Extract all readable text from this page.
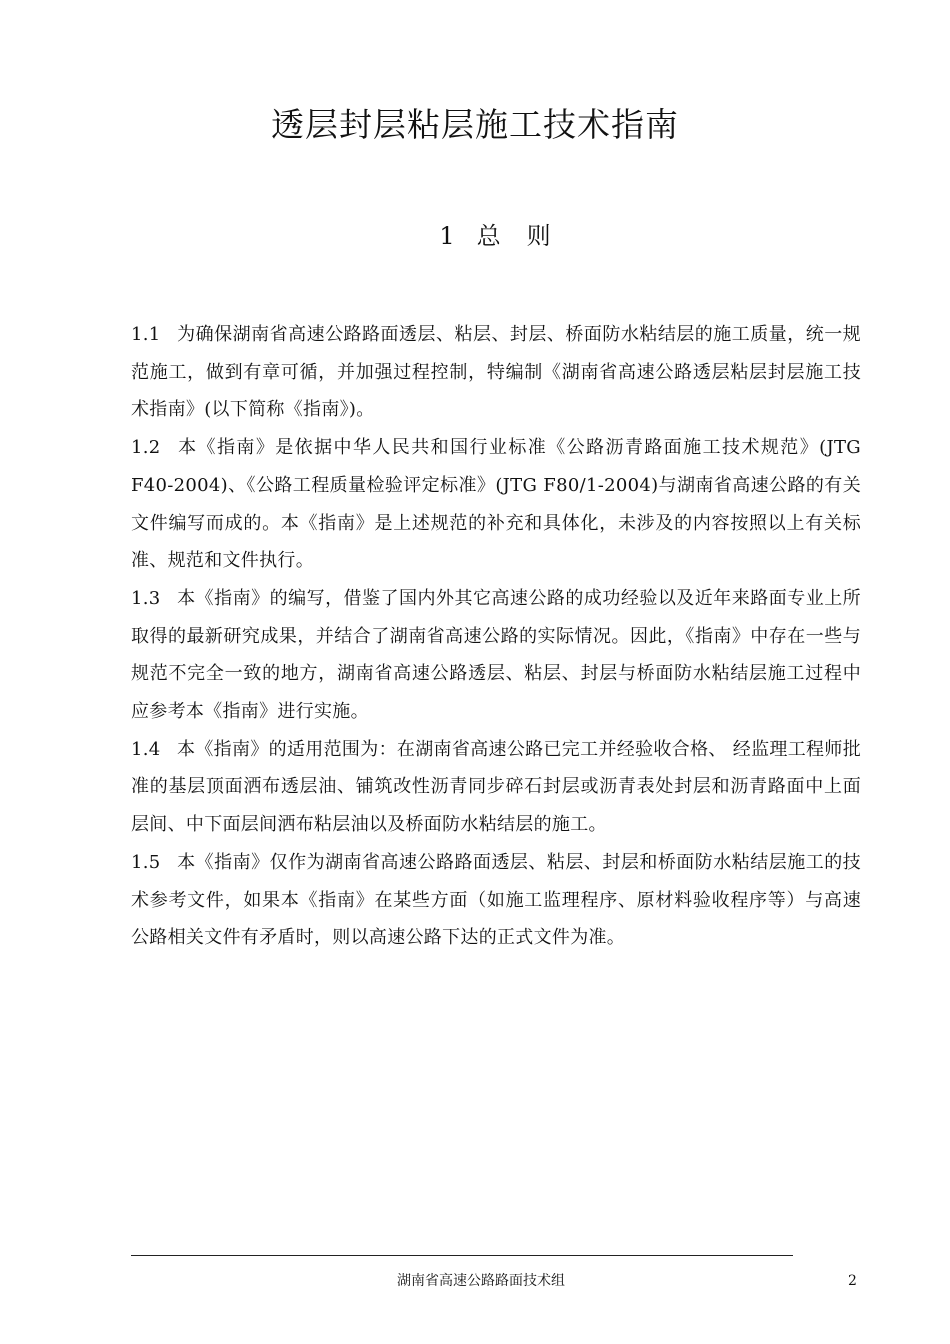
透层封层粘层施工技术指南
1 总 则

1.1 为确保湖南省高速公路路面透层、粘层、封层、桥面防水粘结层的施工质量，统一规范施工，做到有章可循，并加强过程控制，特编制《湖南省高速公路透层粘层封层施工技术指南》(以下简称《指南》)。

1.2 本《指南》是依据中华人民共和国行业标准《公路沥青路面施工技术规范》(JTG F40-2004)、《公路工程质量检验评定标准》(JTG F80/1-2004)与湖南省高速公路的有关文件编写而成的。本《指南》是上述规范的补充和具体化，未涉及的内容按照以上有关标准、规范和文件执行。

1.3 本《指南》的编写，借鉴了国内外其它高速公路的成功经验以及近年来路面专业上所取得的最新研究成果，并结合了湖南省高速公路的实际情况。因此，《指南》中存在一些与规范不完全一致的地方，湖南省高速公路透层、粘层、封层与桥面防水粘结层施工过程中应参考本《指南》进行实施。

1.4 本《指南》的适用范围为：在湖南省高速公路已完工并经验收合格、 经监理工程师批准的基层顶面洒布透层油、铺筑改性沥青同步碎石封层或沥青表处封层和沥青路面中上面层间、中下面层间洒布粘层油以及桥面防水粘结层的施工。

1.5 本《指南》仅作为湖南省高速公路路面透层、粘层、封层和桥面防水粘结层施工的技术参考文件，如果本《指南》在某些方面（如施工监理程序、原材料验收程序等）与高速公路相关文件有矛盾时，则以高速公路下达的正式文件为准。

湖南省高速公路路面技术组	2
